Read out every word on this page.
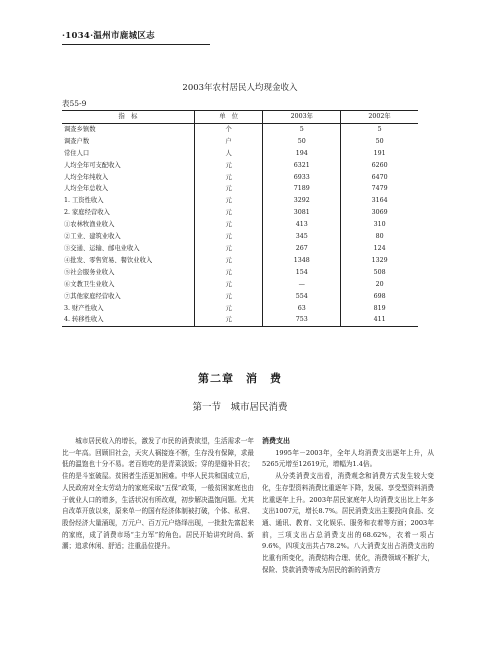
·1034·温州市鹿城区志
2003年农村居民人均现金收入
表55-9
指　标	单　位	2003年	2002年
调查乡镇数	个	5	5
调查户数	户	50	50
常住人口	人	194	191
人均全年可支配收入	元	6321	6260
人均全年纯收入	元	6933	6470
人均全年总收入	元	7189	7479
1. 工资性收入	元	3292	3164
2. 家庭经营收入	元	3081	3069
①农林牧渔业收入	元	413	310
②工业、建筑业收入	元	345	80
③交通、运输、邮电业收入	元	267	124
④批发、零售贸易、餐饮业收入	元	1348	1329
⑤社会服务业收入	元	154	508
⑥文教卫生业收入	元	—	20
⑦其他家庭经营收入	元	554	698
3. 财产性收入	元	63	819
4. 转移性收入	元	753	411
第二章　消　费
第一节　城市居民消费

城市居民收入的增长，激发了市民的消费欲望，生活需求一年比一年高。回顾旧社会，天灾人祸接连不断，生存没有保障，求最低的温饱也十分不易。老百姓吃的是青菜淡饭；穿的是缝补旧衣；住的是斗室破屋。贫困者生活更加困难。中华人民共和国成立后，人民政府对全太劳动力的家庭采取“五保”政策，一般贫困家庭也由于就业人口的增多，生活状况有所改观，初步解决温饱问题。尤其自改革开放以来，原来单一的国有经济体制被打破，个体、私营、股份经济大量涌现，万元户、百万元户络绎出现，一批批先富起来的家庭，成了消费市场“主力军”的角色。居民开始讲究时尚、新潮；追求休闲、舒适；注重品位提升。

消费支出

1995年－2003年，全年人均消费支出逐年上升，从5265元增至12619元，增幅为1.4倍。

从分类消费支出看，消费观念和消费方式发生较大变化，生存型资料消费比重逐年下降，发展、享受型资料消费比重逐年上升。2003年居民家庭年人均消费支出比上年多支出1007元，增长8.7%。居民消费支出主要投向食品、交通、通讯、教育、文化娱乐、服务和衣着等方面；2003年前，三项支出占总消费支出的68.62%，衣着一项占9.6%，四项支出共占78.2%。八大消费支出占消费支出的比重有所变化，消费结构合理、优化，消费领域不断扩大，保险、贷款消费等成为居民的新的消费方
